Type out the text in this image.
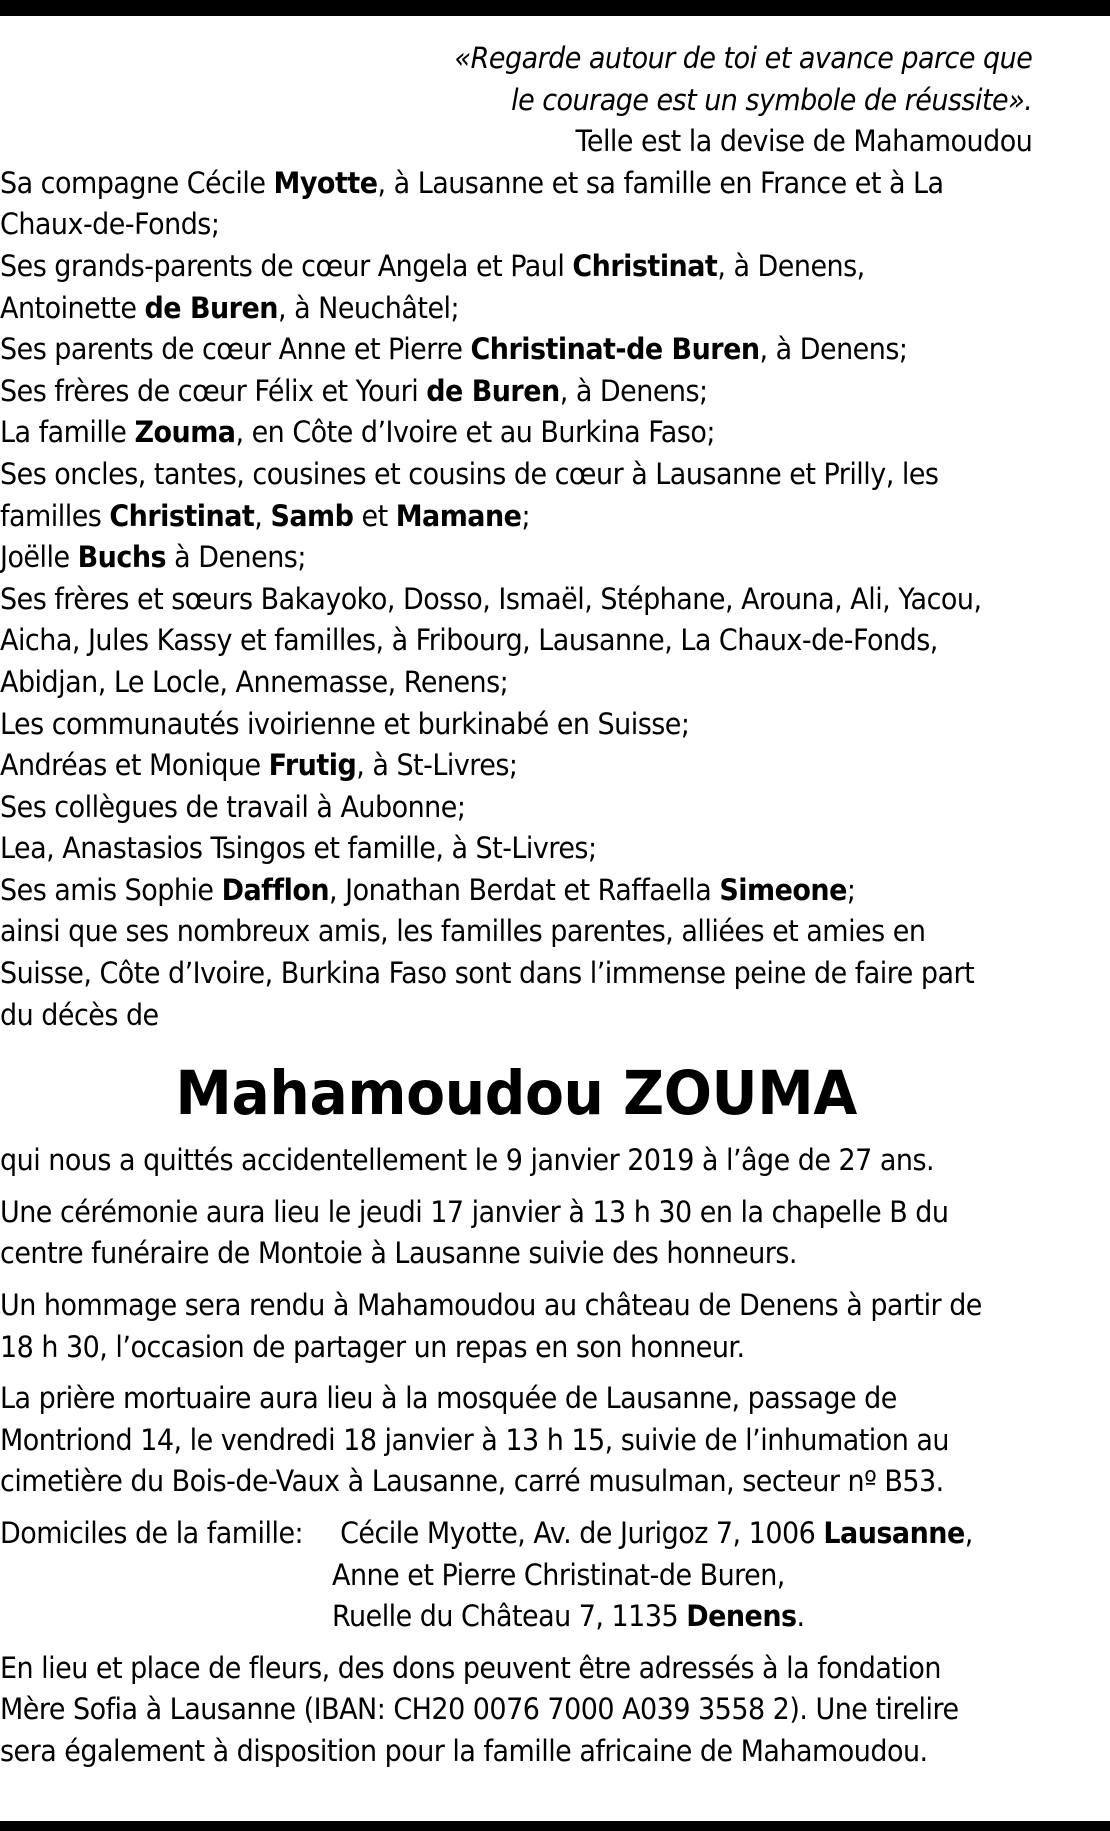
«Regarde autour de toi et avance parce que
le courage est un symbole de réussite».
Telle est la devise de Mahamoudou
Sa compagne Cécile Myotte, à Lausanne et sa famille en France et à La
Chaux-de-Fonds;
Ses grands-parents de cœur Angela et Paul Christinat, à Denens,
Antoinette de Buren, à Neuchâtel;
Ses parents de cœur Anne et Pierre Christinat-de Buren, à Denens;
Ses frères de cœur Félix et Youri de Buren, à Denens;
La famille Zouma, en Côte d’Ivoire et au Burkina Faso;
Ses oncles, tantes, cousines et cousins de cœur à Lausanne et Prilly, les
familles Christinat, Samb et Mamane;
Joëlle Buchs à Denens;
Ses frères et sœurs Bakayoko, Dosso, Ismaël, Stéphane, Arouna, Ali, Yacou,
Aicha, Jules Kassy et familles, à Fribourg, Lausanne, La Chaux-de-Fonds,
Abidjan, Le Locle, Annemasse, Renens;
Les communautés ivoirienne et burkinabé en Suisse;
Andréas et Monique Frutig, à St-Livres;
Ses collègues de travail à Aubonne;
Lea, Anastasios Tsingos et famille, à St-Livres;
Ses amis Sophie Dafflon, Jonathan Berdat et Raffaella Simeone;
ainsi que ses nombreux amis, les familles parentes, alliées et amies en
Suisse, Côte d’Ivoire, Burkina Faso sont dans l’immense peine de faire part
du décès de
Mahamoudou ZOUMA
qui nous a quittés accidentellement le 9 janvier 2019 à l’âge de 27 ans.
Une cérémonie aura lieu le jeudi 17 janvier à 13 h 30 en la chapelle B du
centre funéraire de Montoie à Lausanne suivie des honneurs.
Un hommage sera rendu à Mahamoudou au château de Denens à partir de
18 h 30, l’occasion de partager un repas en son honneur.
La prière mortuaire aura lieu à la mosquée de Lausanne, passage de
Montriond 14, le vendredi 18 janvier à 13 h 15, suivie de l’inhumation au
cimetière du Bois-de-Vaux à Lausanne, carré musulman, secteur nº B53.
Domiciles de la famille: Cécile Myotte, Av. de Jurigoz 7, 1006 Lausanne,
Anne et Pierre Christinat-de Buren,
Ruelle du Château 7, 1135 Denens.
En lieu et place de fleurs, des dons peuvent être adressés à la fondation
Mère Sofia à Lausanne (IBAN: CH20 0076 7000 A039 3558 2). Une tirelire
sera également à disposition pour la famille africaine de Mahamoudou.
